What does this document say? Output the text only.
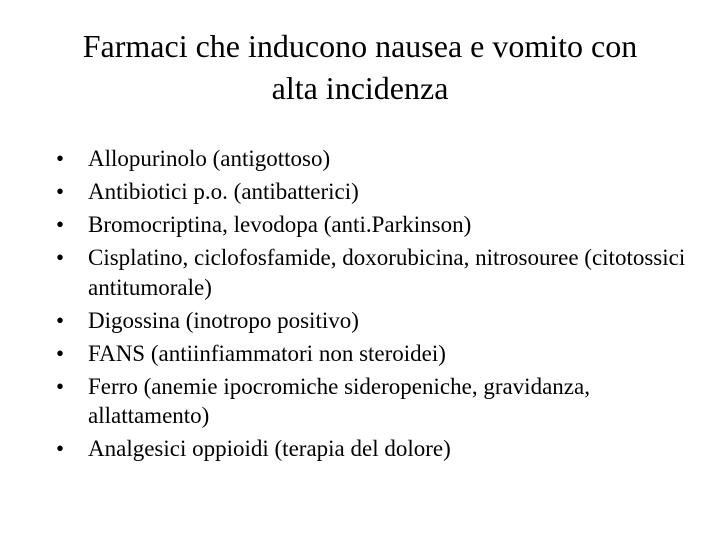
Farmaci che inducono nausea e vomito con
alta incidenza
• Allopurinolo (antigottoso)
• Antibiotici p.o. (antibatterici)
• Bromocriptina, levodopa (anti.Parkinson)
• Cisplatino, ciclofosfamide, doxorubicina, nitrosouree (citotossici antitumorale)
• Digossina (inotropo positivo)
• FANS (antiinfiammatori non steroidei)
• Ferro (anemie ipocromiche sideropeniche, gravidanza, allattamento)
• Analgesici oppioidi (terapia del dolore)
